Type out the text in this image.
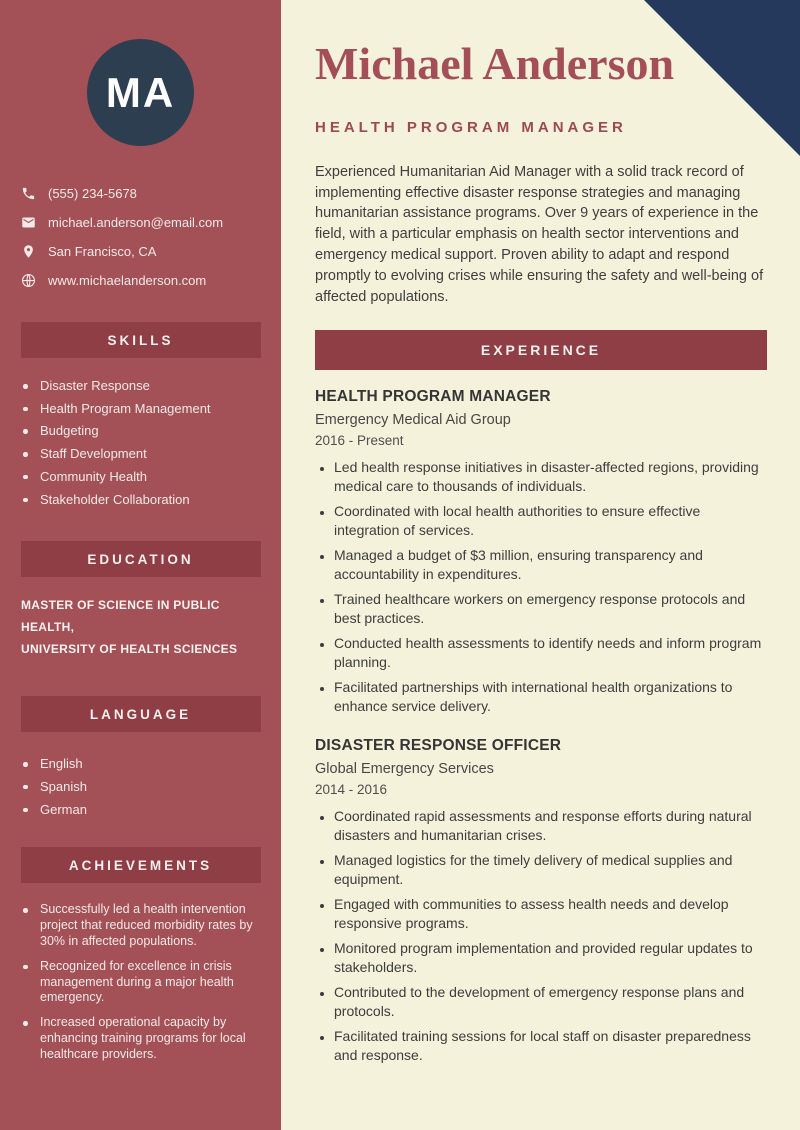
MA
(555) 234-5678
michael.anderson@email.com
San Francisco, CA
www.michaelanderson.com
SKILLS
Disaster Response
Health Program Management
Budgeting
Staff Development
Community Health
Stakeholder Collaboration
EDUCATION
MASTER OF SCIENCE IN PUBLIC HEALTH,
UNIVERSITY OF HEALTH SCIENCES
LANGUAGE
English
Spanish
German
ACHIEVEMENTS
Successfully led a health intervention project that reduced morbidity rates by 30% in affected populations.
Recognized for excellence in crisis management during a major health emergency.
Increased operational capacity by enhancing training programs for local healthcare providers.
Michael Anderson
HEALTH PROGRAM MANAGER

Experienced Humanitarian Aid Manager with a solid track record of implementing effective disaster response strategies and managing humanitarian assistance programs. Over 9 years of experience in the field, with a particular emphasis on health sector interventions and emergency medical support. Proven ability to adapt and respond promptly to evolving crises while ensuring the safety and well-being of affected populations.

EXPERIENCE
HEALTH PROGRAM MANAGER
Emergency Medical Aid Group
2016 - Present
• Led health response initiatives in disaster-affected regions, providing medical care to thousands of individuals.
• Coordinated with local health authorities to ensure effective integration of services.
• Managed a budget of $3 million, ensuring transparency and accountability in expenditures.
• Trained healthcare workers on emergency response protocols and best practices.
• Conducted health assessments to identify needs and inform program planning.
• Facilitated partnerships with international health organizations to enhance service delivery.
DISASTER RESPONSE OFFICER
Global Emergency Services
2014 - 2016
• Coordinated rapid assessments and response efforts during natural disasters and humanitarian crises.
• Managed logistics for the timely delivery of medical supplies and equipment.
• Engaged with communities to assess health needs and develop responsive programs.
• Monitored program implementation and provided regular updates to stakeholders.
• Contributed to the development of emergency response plans and protocols.
• Facilitated training sessions for local staff on disaster preparedness and response.
